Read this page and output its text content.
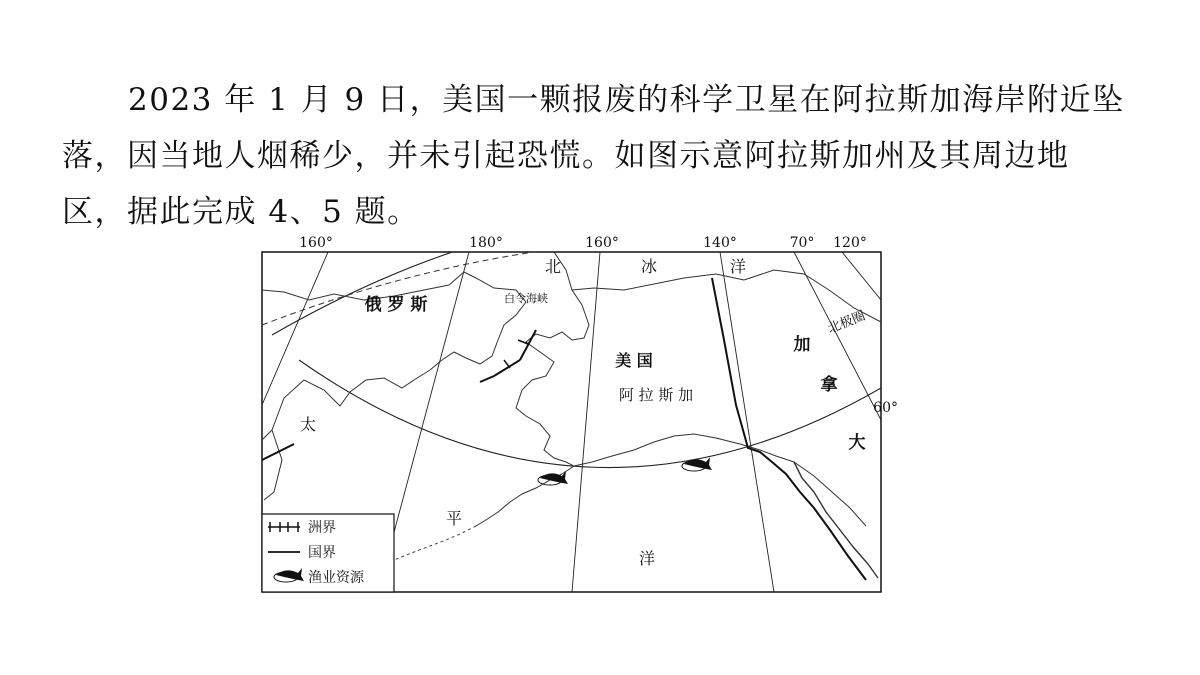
2023 年 1 月 9 日，美国一颗报废的科学卫星在阿拉斯加海岸附近坠
落，因当地人烟稀少，并未引起恐慌。如图示意阿拉斯加州及其周边地
区，据此完成 4、5 题。
160°	180°	160°	140°	70° 120°
俄 罗 斯	白令海峡
美 国
阿 拉 斯 加
加
拿
大
北	冰	洋
太
平
洋
北极圈
60°
洲界
国界
渔业资源
